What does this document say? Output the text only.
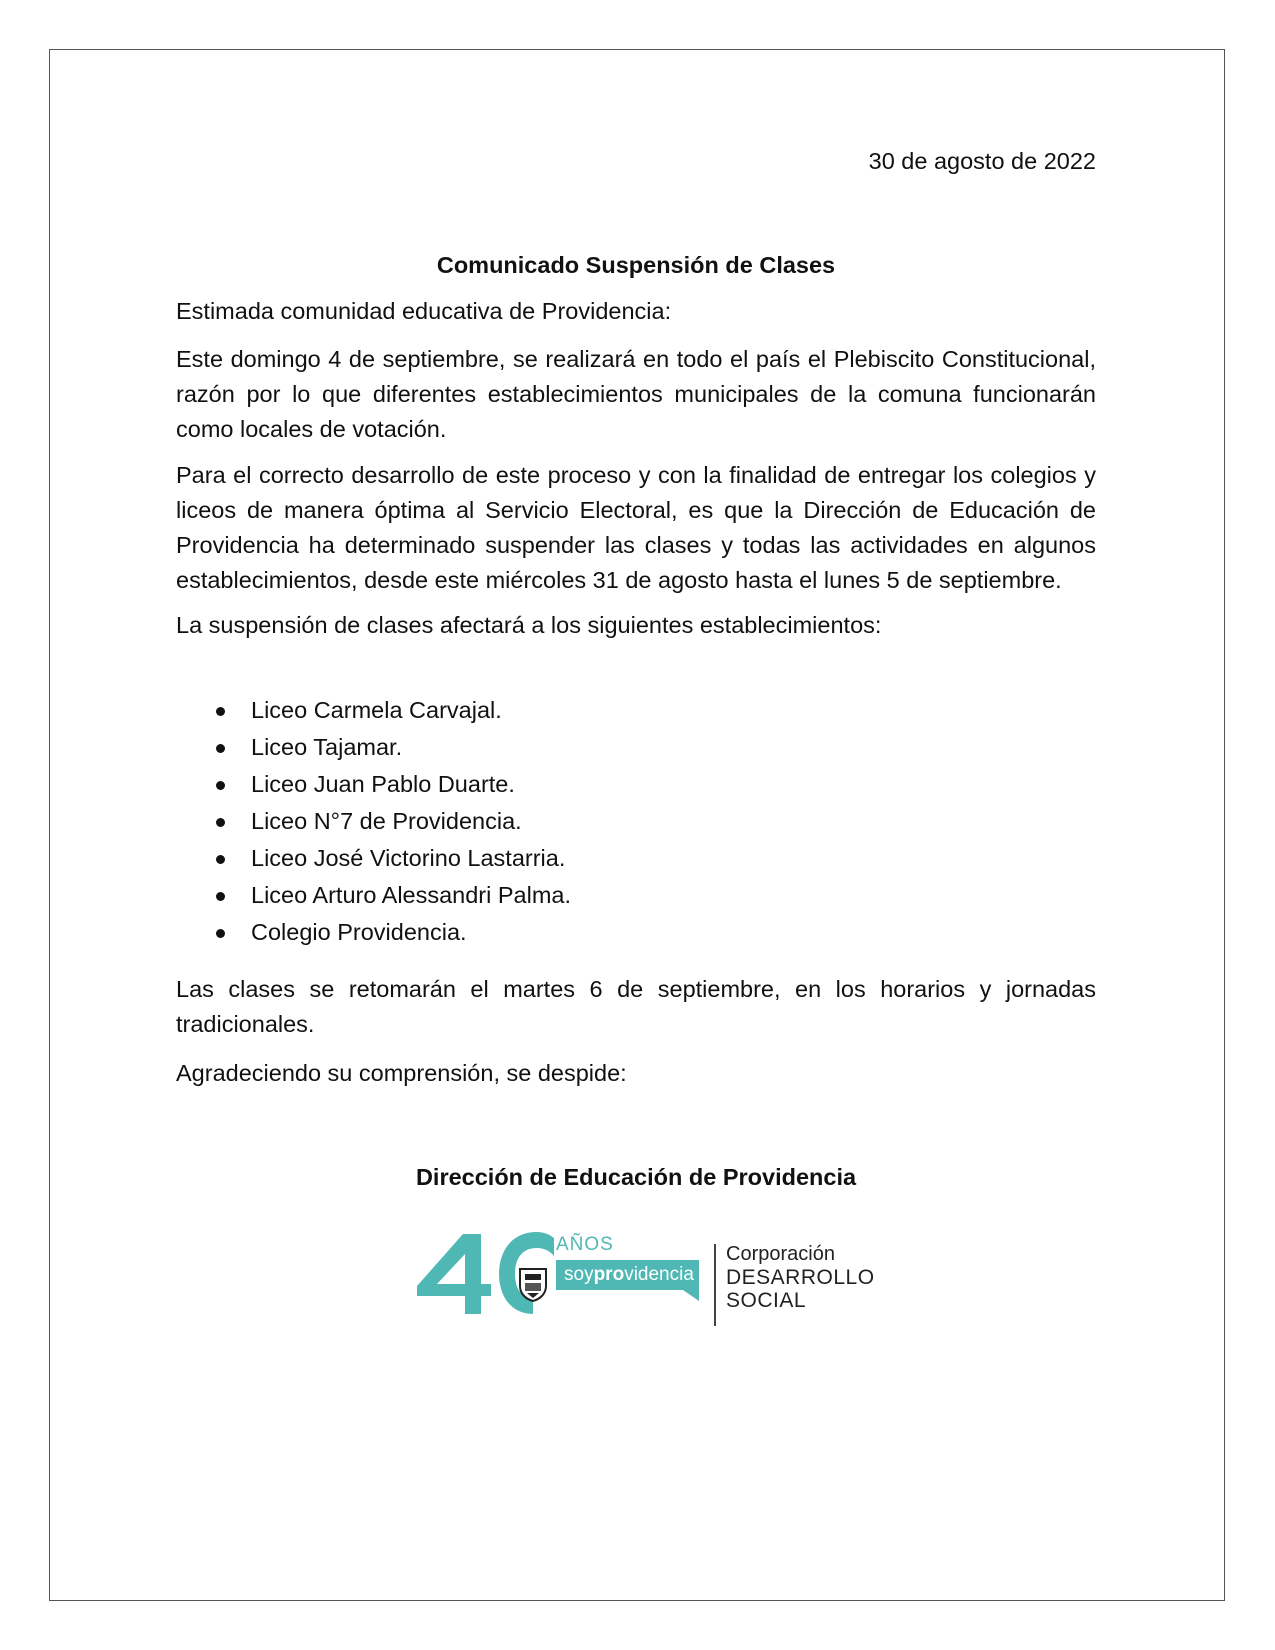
30 de agosto de 2022
Comunicado Suspensión de Clases

Estimada comunidad educativa de Providencia:

Este domingo 4 de septiembre, se realizará en todo el país el Plebiscito Constitucional, razón por lo que diferentes establecimientos municipales de la comuna funcionarán como locales de votación.

Para el correcto desarrollo de este proceso y con la finalidad de entregar los colegios y liceos de manera óptima al Servicio Electoral, es que la Dirección de Educación de Providencia ha determinado suspender las clases y todas las actividades en algunos establecimientos, desde este miércoles 31 de agosto hasta el lunes 5 de septiembre.

La suspensión de clases afectará a los siguientes establecimientos:

Liceo Carmela Carvajal.
Liceo Tajamar.
Liceo Juan Pablo Duarte.
Liceo N°7 de Providencia.
Liceo José Victorino Lastarria.
Liceo Arturo Alessandri Palma.
Colegio Providencia.

Las clases se retomarán el martes 6 de septiembre, en los horarios y jornadas tradicionales.

Agradeciendo su comprensión, se despide:

Dirección de Educación de Providencia
AÑOS
soyprovidencia
Corporación
DESARROLLO
SOCIAL
